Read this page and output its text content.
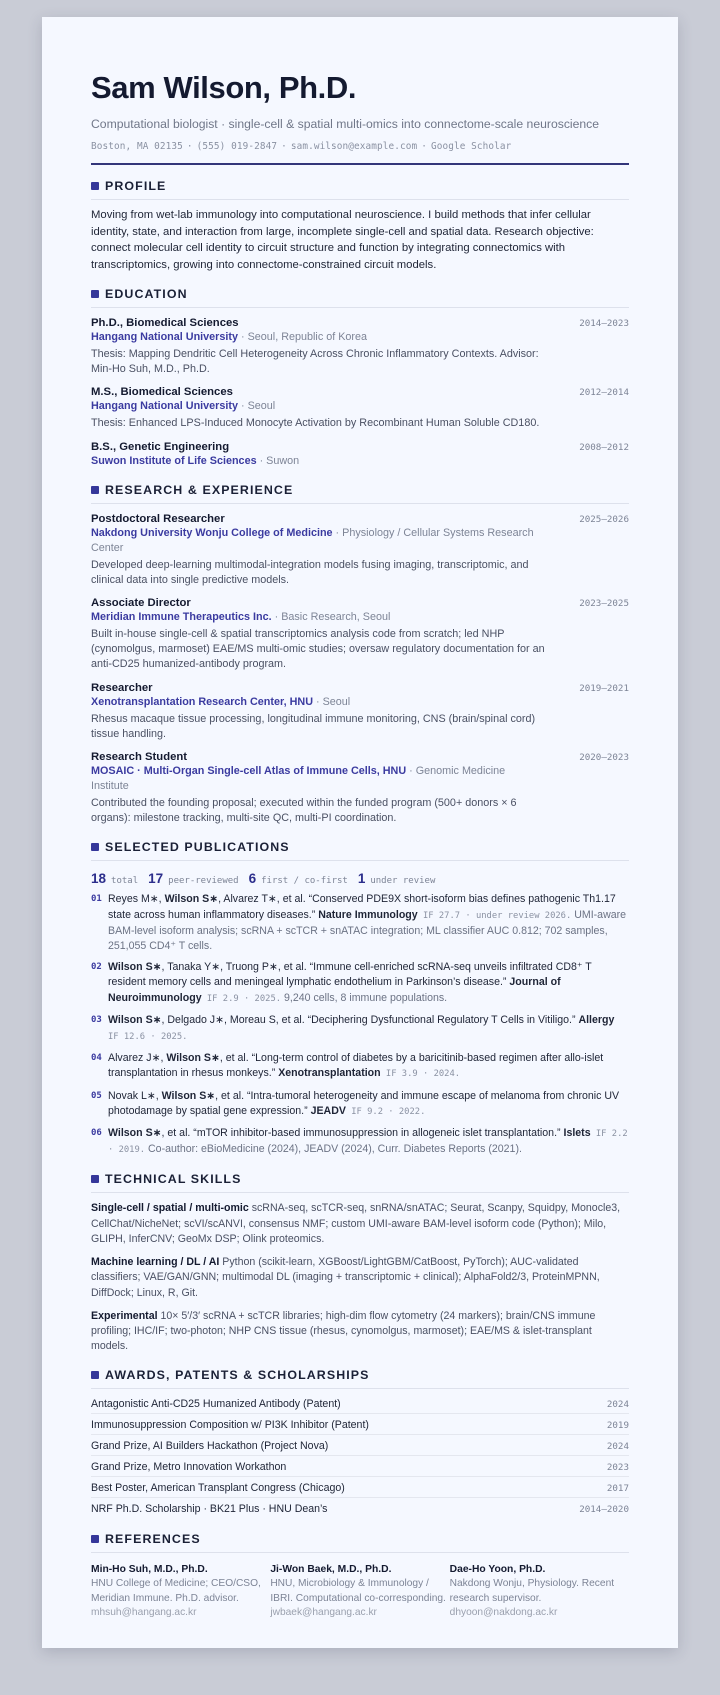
Sam Wilson, Ph.D.
Computational biologist · single-cell & spatial multi-omics into connectome-scale neuroscience
Boston, MA 02135 · (555) 019-2847 · sam.wilson@example.com · Google Scholar
PROFILE
Moving from wet-lab immunology into computational neuroscience. I build methods that infer cellular identity, state, and interaction from large, incomplete single-cell and spatial data. Research objective: connect molecular cell identity to circuit structure and function by integrating connectomics with transcriptomics, growing into connectome-constrained circuit models.
EDUCATION
Ph.D., Biomedical Sciences	2014–2023
Hangang National University · Seoul, Republic of Korea
Thesis: Mapping Dendritic Cell Heterogeneity Across Chronic Inflammatory Contexts. Advisor: Min-Ho Suh, M.D., Ph.D.
M.S., Biomedical Sciences	2012–2014
Hangang National University · Seoul
Thesis: Enhanced LPS-Induced Monocyte Activation by Recombinant Human Soluble CD180.
B.S., Genetic Engineering	2008–2012
Suwon Institute of Life Sciences · Suwon
RESEARCH & EXPERIENCE
Postdoctoral Researcher	2025–2026
Nakdong University Wonju College of Medicine · Physiology / Cellular Systems Research Center
Developed deep-learning multimodal-integration models fusing imaging, transcriptomic, and clinical data into single predictive models.
Associate Director	2023–2025
Meridian Immune Therapeutics Inc. · Basic Research, Seoul
Built in-house single-cell & spatial transcriptomics analysis code from scratch; led NHP (cynomolgus, marmoset) EAE/MS multi-omic studies; oversaw regulatory documentation for an anti-CD25 humanized-antibody program.
Researcher	2019–2021
Xenotransplantation Research Center, HNU · Seoul
Rhesus macaque tissue processing, longitudinal immune monitoring, CNS (brain/spinal cord) tissue handling.
Research Student	2020–2023
MOSAIC · Multi-Organ Single-cell Atlas of Immune Cells, HNU · Genomic Medicine Institute
Contributed the founding proposal; executed within the funded program (500+ donors × 6 organs): milestone tracking, multi-site QC, multi-PI coordination.
SELECTED PUBLICATIONS
18 total 17 peer-reviewed 6 first / co-first 1 under review
01 Reyes M∗, Wilson S∗, Alvarez T∗, et al. “Conserved PDE9X short-isoform bias defines pathogenic Th1.17 state across human inflammatory diseases.” Nature Immunology IF 27.7 · under review 2026. UMI-aware BAM-level isoform analysis; scRNA + scTCR + snATAC integration; ML classifier AUC 0.812; 702 samples, 251,055 CD4⁺ T cells.
02 Wilson S∗, Tanaka Y∗, Truong P∗, et al. “Immune cell-enriched scRNA-seq unveils infiltrated CD8⁺ T resident memory cells and meningeal lymphatic endothelium in Parkinson’s disease.” Journal of Neuroimmunology IF 2.9 · 2025. 9,240 cells, 8 immune populations.
03 Wilson S∗, Delgado J∗, Moreau S, et al. “Deciphering Dysfunctional Regulatory T Cells in Vitiligo.” Allergy IF 12.6 · 2025.
04 Alvarez J∗, Wilson S∗, et al. “Long-term control of diabetes by a baricitinib-based regimen after allo-islet transplantation in rhesus monkeys.” Xenotransplantation IF 3.9 · 2024.
05 Novak L∗, Wilson S∗, et al. “Intra-tumoral heterogeneity and immune escape of melanoma from chronic UV photodamage by spatial gene expression.” JEADV IF 9.2 · 2022.
06 Wilson S∗, et al. “mTOR inhibitor-based immunosuppression in allogeneic islet transplantation.” Islets IF 2.2 · 2019. Co-author: eBioMedicine (2024), JEADV (2024), Curr. Diabetes Reports (2021).
TECHNICAL SKILLS
Single-cell / spatial / multi-omic scRNA-seq, scTCR-seq, snRNA/snATAC; Seurat, Scanpy, Squidpy, Monocle3, CellChat/NicheNet; scVI/scANVI, consensus NMF; custom UMI-aware BAM-level isoform code (Python); Milo, GLIPH, InferCNV; GeoMx DSP; Olink proteomics.
Machine learning / DL / AI Python (scikit-learn, XGBoost/LightGBM/CatBoost, PyTorch); AUC-validated classifiers; VAE/GAN/GNN; multimodal DL (imaging + transcriptomic + clinical); AlphaFold2/3, ProteinMPNN, DiffDock; Linux, R, Git.
Experimental 10× 5′/3′ scRNA + scTCR libraries; high-dim flow cytometry (24 markers); brain/CNS immune profiling; IHC/IF; two-photon; NHP CNS tissue (rhesus, cynomolgus, marmoset); EAE/MS & islet-transplant models.
AWARDS, PATENTS & SCHOLARSHIPS
Antagonistic Anti-CD25 Humanized Antibody (Patent)	2024
Immunosuppression Composition w/ PI3K Inhibitor (Patent)	2019
Grand Prize, AI Builders Hackathon (Project Nova)	2024
Grand Prize, Metro Innovation Workathon	2023
Best Poster, American Transplant Congress (Chicago)	2017
NRF Ph.D. Scholarship · BK21 Plus · HNU Dean’s	2014–2020
REFERENCES
Min-Ho Suh, M.D., Ph.D.
HNU College of Medicine; CEO/CSO, Meridian Immune. Ph.D. advisor.
mhsuh@hangang.ac.kr
Ji-Won Baek, M.D., Ph.D.
HNU, Microbiology & Immunology / IBRI. Computational co-corresponding.
jwbaek@hangang.ac.kr
Dae-Ho Yoon, Ph.D.
Nakdong Wonju, Physiology. Recent research supervisor.
dhyoon@nakdong.ac.kr
